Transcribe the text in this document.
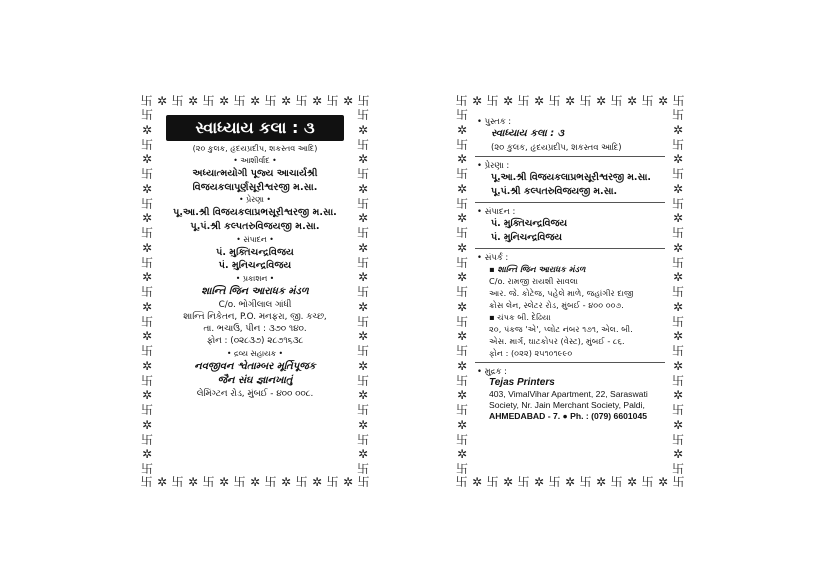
卐 ✲ 卐 ✲ 卐 ✲ 卐 ✲ 卐 ✲ 卐 ✲ 卐 ✲ 卐
卐 ✲ 卐 ✲ 卐 ✲ 卐 ✲ 卐 ✲ 卐 ✲ 卐 ✲ 卐
卐
✲
卐
✲
卐
✲
卐
✲
卐
✲
卐
✲
卐
✲
卐
✲
卐
✲
卐
✲
卐
✲
卐
✲
卐
卐
✲
卐
✲
卐
✲
卐
✲
卐
✲
卐
✲
卐
✲
卐
✲
卐
✲
卐
✲
卐
✲
卐
✲
卐
સ્વાધ્યાય કલા : ૩
(૨૦ કુલક, હૃદયપ્રદીપ, શકસ્તવ આદિ)
• આશીર્વાદ •
અધ્યાત્મયોગી પૂજ્ય આચાર્યશ્રી
વિજયકલાપૂર્ણસૂરીશ્વરજી મ.સા.
• પ્રેરણા •
પૂ.આ.શ્રી વિજયકલાપ્રભસૂરીશ્વરજી મ.સા.
પૂ.પં.શ્રી કલ્પતરુવિજયજી મ.સા.
• સંપાદન •
પં. મુક્તિચન્દ્રવિજય
પં. મુનિચન્દ્રવિજય
• પ્રકાશન •
શાન્તિ જિન આરાધક મંડળ
C/o. ભોગીલાલ ગાંધી
શાન્તિ નિકેતન, P.O. મનફરા, જી. કચ્છ,
તા. ભચાઉ, પીન : ૩૭૦ ૧૪૦.
ફોન : (૦૨૮૩૭) ૨૮૭૧૬૩૮
• દ્રવ્ય સહાયક •
નવજીવન શ્વેતામ્બર મૂર્તિપૂજક
જૈન સંઘ જ્ઞાનખાતું
લેમિંગ્ટન રોડ, મુંબઈ - ૪૦૦ ૦૦૮.
卐 ✲ 卐 ✲ 卐 ✲ 卐 ✲ 卐 ✲ 卐 ✲ 卐 ✲ 卐
卐 ✲ 卐 ✲ 卐 ✲ 卐 ✲ 卐 ✲ 卐 ✲ 卐 ✲ 卐
卐
✲
卐
✲
卐
✲
卐
✲
卐
✲
卐
✲
卐
✲
卐
✲
卐
✲
卐
✲
卐
✲
卐
✲
卐
卐
✲
卐
✲
卐
✲
卐
✲
卐
✲
卐
✲
卐
✲
卐
✲
卐
✲
卐
✲
卐
✲
卐
✲
卐
• પુસ્તક :
સ્વાધ્યાય કલા : ૩
(૨૦ કુલક, હૃદયપ્રદીપ, શકસ્તવ આદિ)
• પ્રેરણા :
પૂ.આ.શ્રી વિજયકલાપ્રભસૂરીશ્વરજી મ.સા.
પૂ.પં.શ્રી કલ્પતરુવિજયજી મ.સા.
• સંપાદન :
પં. મુક્તિચન્દ્રવિજય
પં. મુનિચન્દ્રવિજય
• સંપર્ક :
▪ શાન્તિ જિન આરાધક મંડળ
C/o. રામજી રાયશી સાવલા
આર. જે. કોટેજ, પહેલે માળે, જહાંગીર દાજી
ક્રોસ લેન, સ્લેટર રોડ, મુંબઈ - ૪૦૦ ૦૦૭.
▪ ચંપક બી. દેઢિયા
૨૦, પંકજ 'એ', પ્લોટ નંબર ૧૭૧, એલ. બી.
એસ. માર્ગ, ઘાટકોપર (વેસ્ટ), મુંબઈ - ૮૬.
ફોન : (૦૨૨) ૨૫૧૦૧૯૯૦
• મુદ્રક :
Tejas Printers
403, VimalVihar Apartment, 22, Saraswati
Society, Nr. Jain Merchant Society, Paldi,
AHMEDABAD - 7. ● Ph. : (079) 6601045
